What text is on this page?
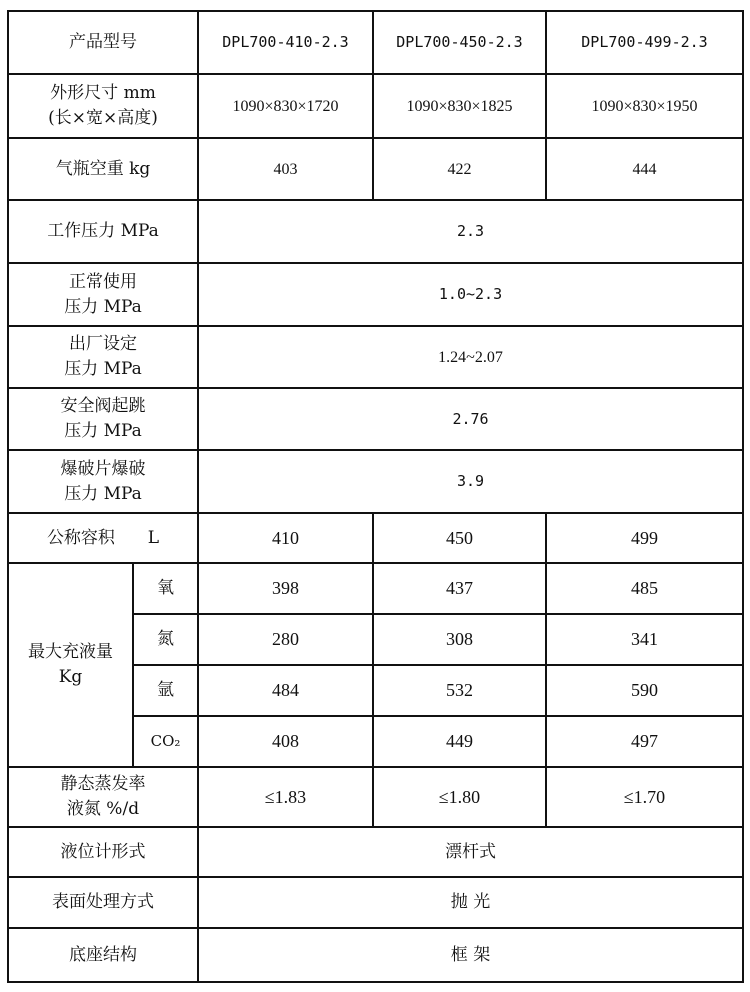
产品型号		DPL700-410-2.3	DPL700-450-2.3	DPL700-499-2.3

外形尺寸 mm
(长×宽×高度)		1090×830×1720	1090×830×1825	1090×830×1950
气瓶空重 kg		403	422	444
工作压力 MPa		2.3		

正常使用
压力 MPa		1.0~2.3		

出厂设定
压力 MPa		1.24~2.07		

安全阀起跳
压力 MPa		2.76		

爆破片爆破
压力 MPa		3.9		
公称容积 L		410	450	499

最大充液量
Kg	氧	398	437	485
	氮	280	308	341
	氩	484	532	590
	CO₂	408	449	497

静态蒸发率
液氮 %/d		≤1.83	≤1.80	≤1.70
液位计形式		漂杆式		
表面处理方式		抛 光		
底座结构		框 架		
